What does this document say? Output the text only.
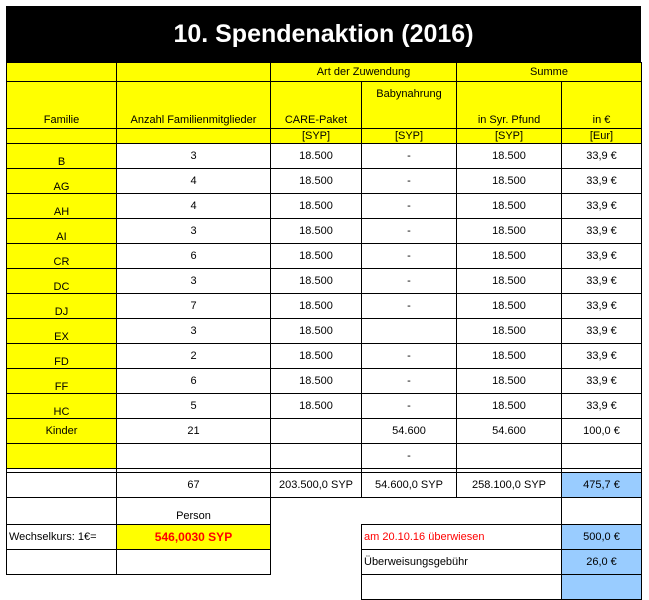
10. Spendenaktion (2016)
		Art der Zuwendung		Summe	
Familie	Anzahl Familienmitglieder	CARE-Paket	Babynahrung	in Syr. Pfund	in €
		[SYP]	[SYP]	[SYP]	[Eur]
B	3	18.500	-	18.500	33,9 €
AG	4	18.500	-	18.500	33,9 €
AH	4	18.500	-	18.500	33,9 €
AI	3	18.500	-	18.500	33,9 €
CR	6	18.500	-	18.500	33,9 €
DC	3	18.500	-	18.500	33,9 €
DJ	7	18.500	-	18.500	33,9 €
EX	3	18.500		18.500	33,9 €
FD	2	18.500	-	18.500	33,9 €
FF	6	18.500	-	18.500	33,9 €
HC	5	18.500	-	18.500	33,9 €
Kinder	21		54.600	54.600	100,0 €
			-		

	67	203.500,0 SYP	54.600,0 SYP	258.100,0 SYP	475,7 €
	Person				
Wechselkurs: 1€=	546,0030 SYP		am 20.10.16 überwiesen		500,0 €
			Überweisungsgebühr		26,0 €
